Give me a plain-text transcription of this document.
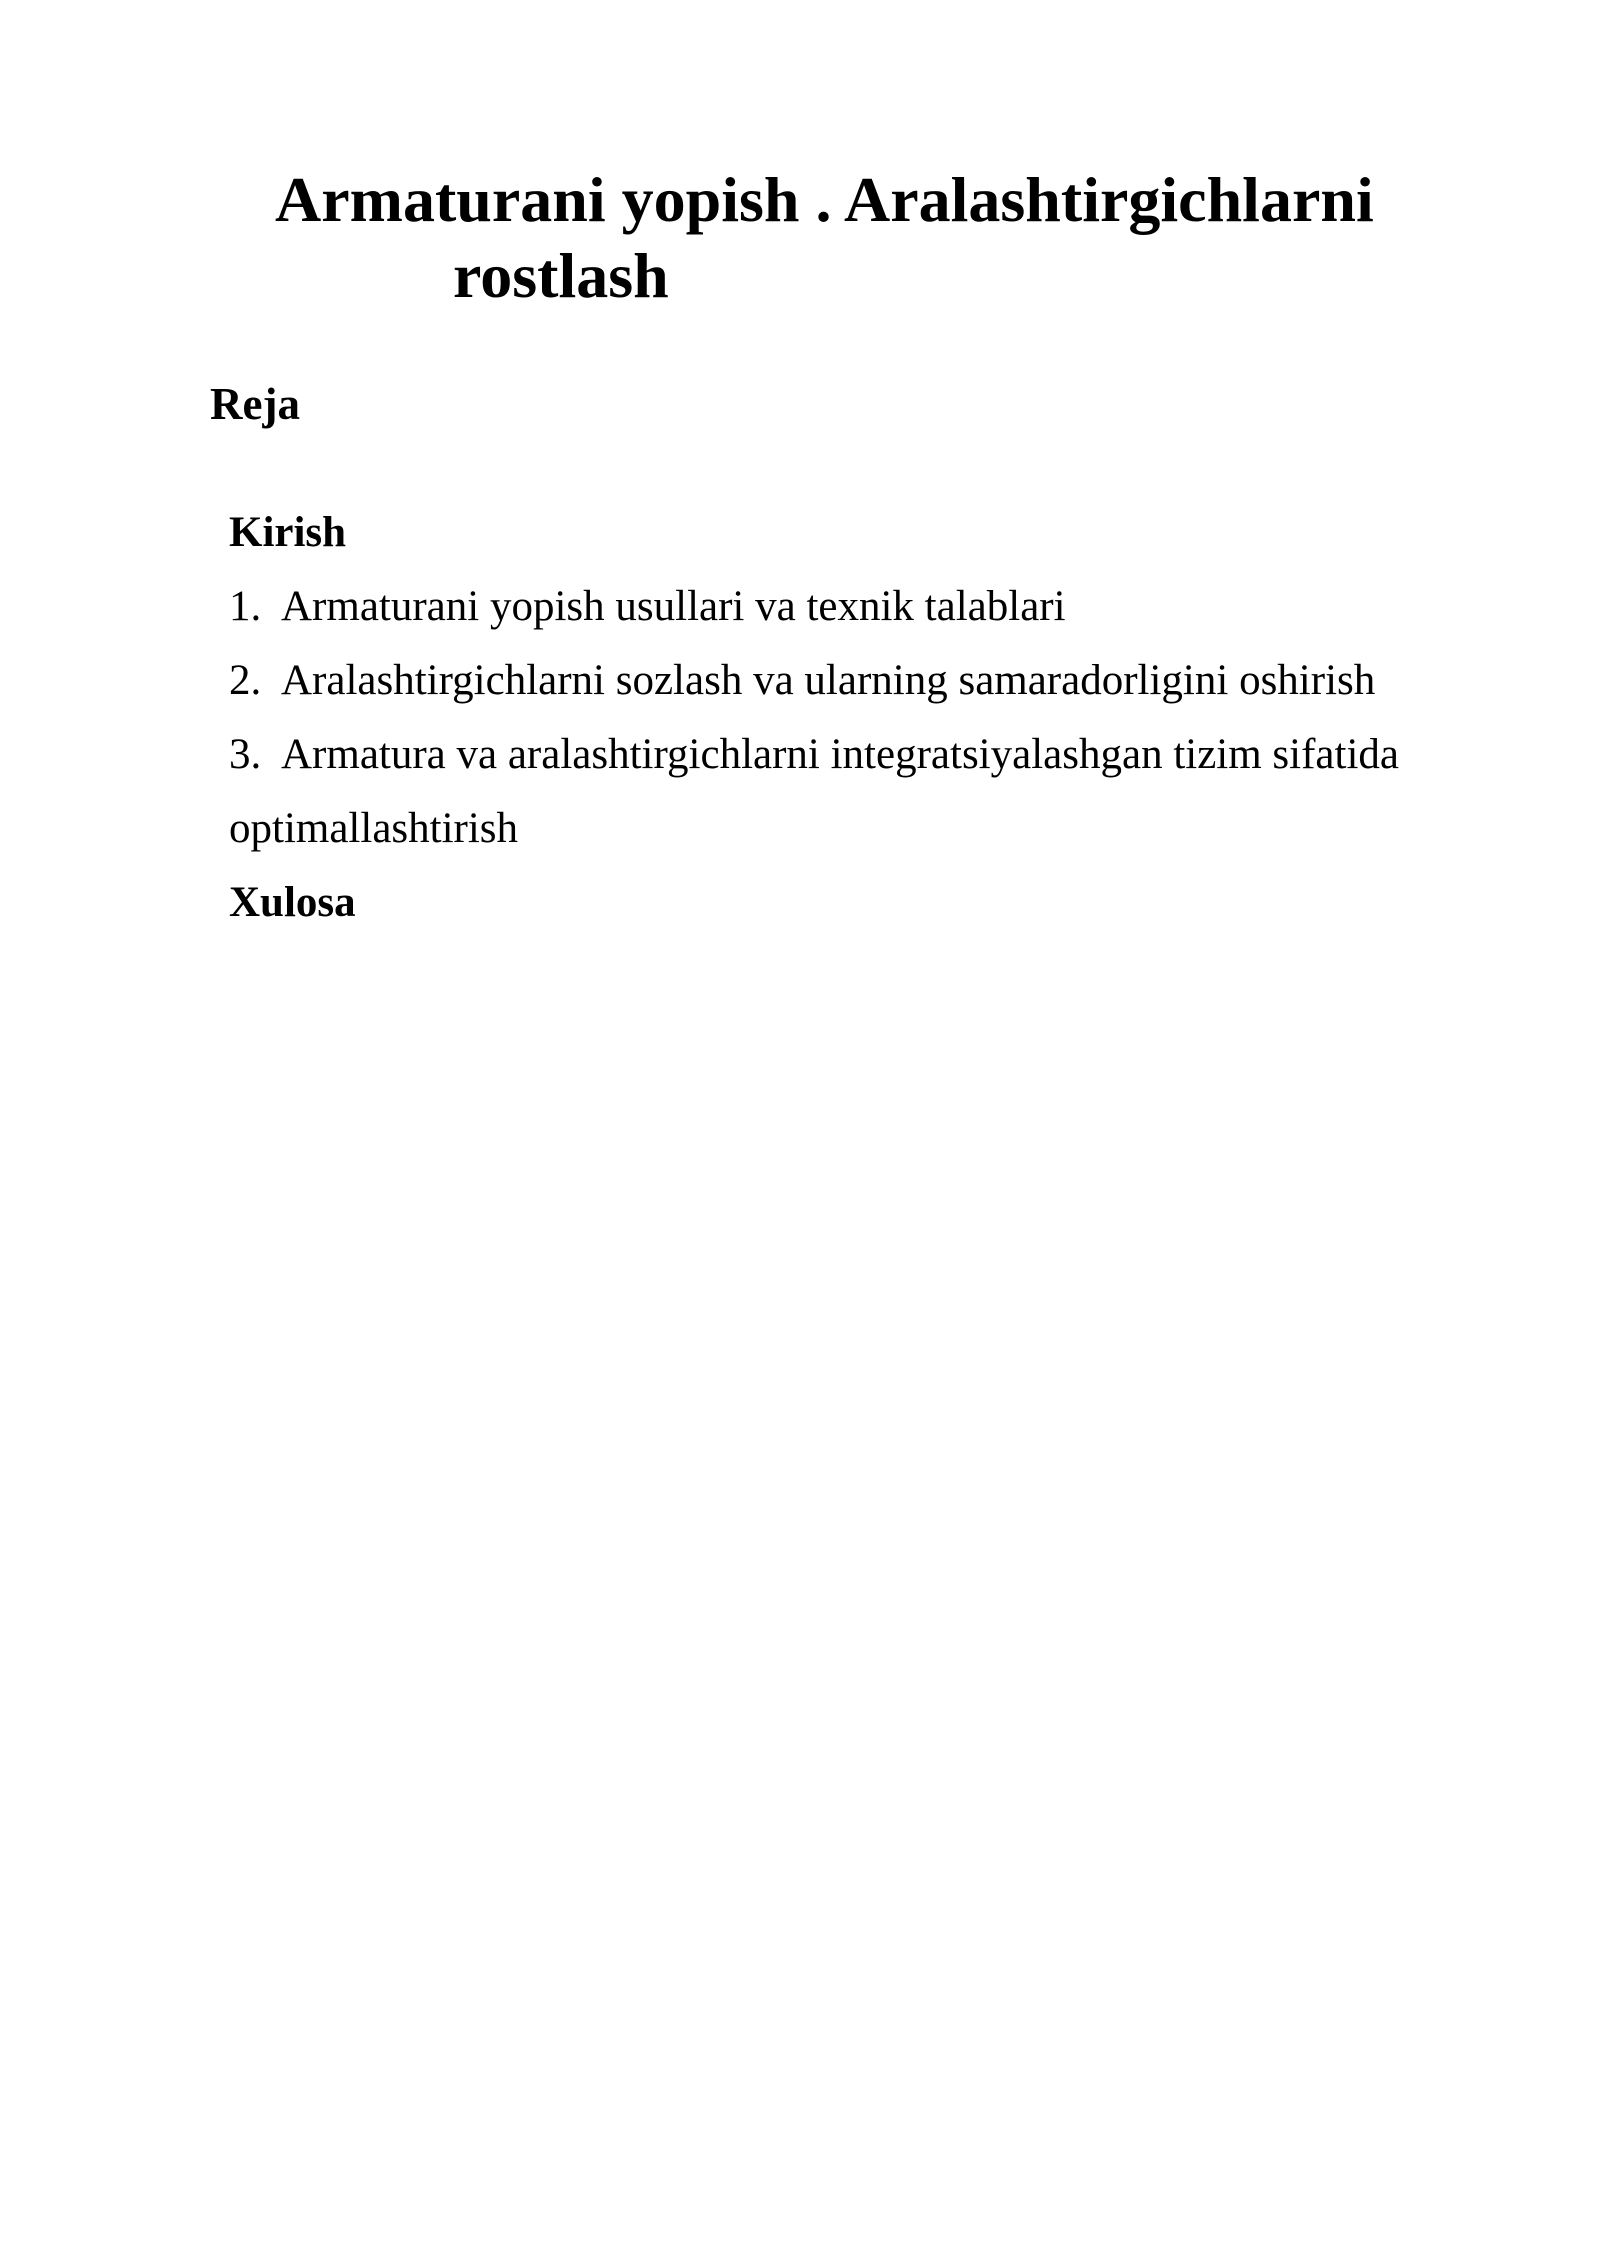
Armaturani yopish . Aralashtirgichlarni
rostlash
Reja
Kirish
1. Armaturani yopish usullari va texnik talablari
2. Aralashtirgichlarni sozlash va ularning samaradorligini oshirish
3. Armatura va aralashtirgichlarni integratsiyalashgan tizim sifatida
optimallashtirish
Xulosa
